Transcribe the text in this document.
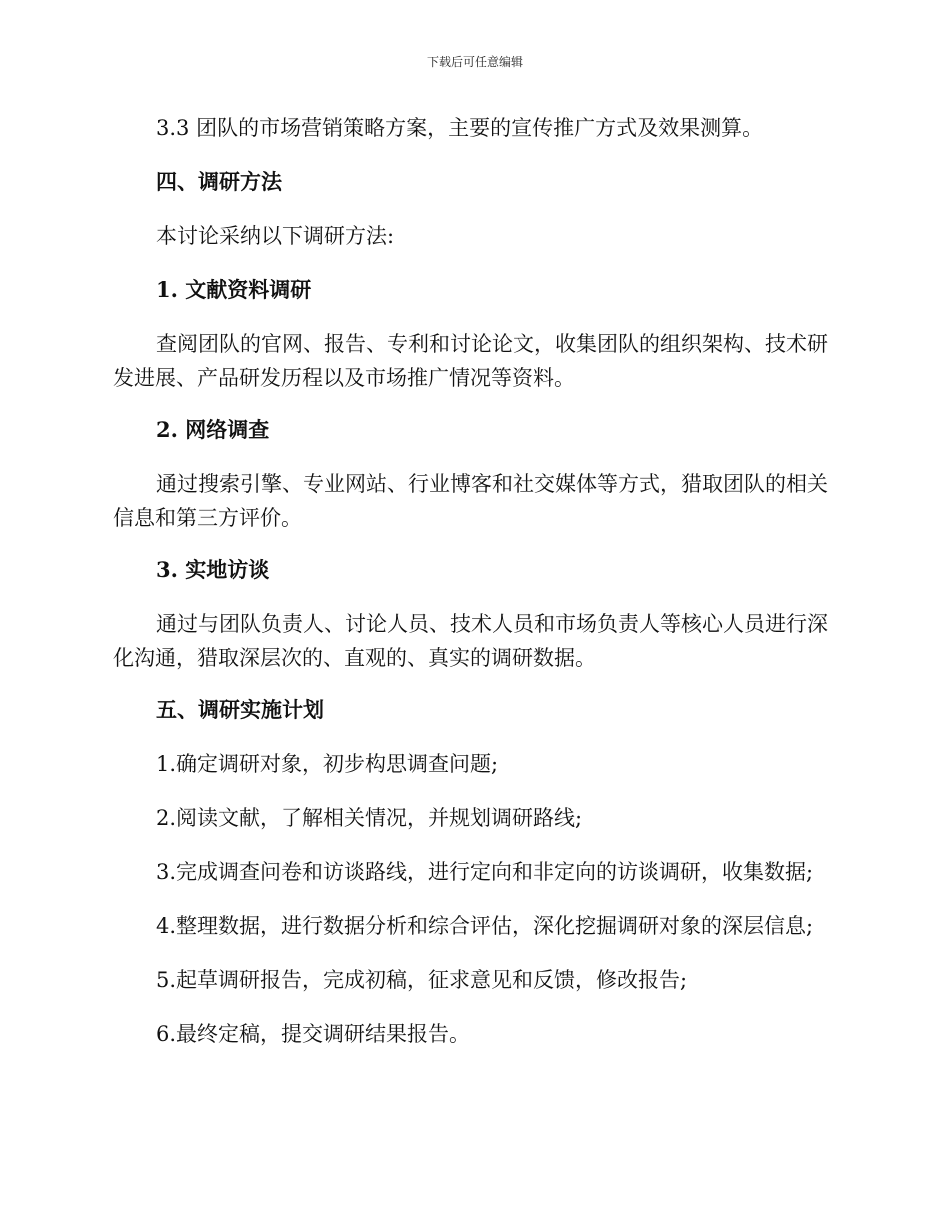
下载后可任意编辑

3.3 团队的市场营销策略方案，主要的宣传推广方式及效果测算。

四、调研方法

本讨论采纳以下调研方法:

1. 文献资料调研

查阅团队的官网、报告、专利和讨论论文，收集团队的组织架构、技术研发进展、产品研发历程以及市场推广情况等资料。

2. 网络调查

通过搜索引擎、专业网站、行业博客和社交媒体等方式，猎取团队的相关信息和第三方评价。

3. 实地访谈

通过与团队负责人、讨论人员、技术人员和市场负责人等核心人员进行深化沟通，猎取深层次的、直观的、真实的调研数据。

五、调研实施计划

1.确定调研对象，初步构思调查问题;

2.阅读文献，了解相关情况，并规划调研路线;

3.完成调查问卷和访谈路线，进行定向和非定向的访谈调研，收集数据;

4.整理数据，进行数据分析和综合评估，深化挖掘调研对象的深层信息;

5.起草调研报告，完成初稿，征求意见和反馈，修改报告;

6.最终定稿，提交调研结果报告。
